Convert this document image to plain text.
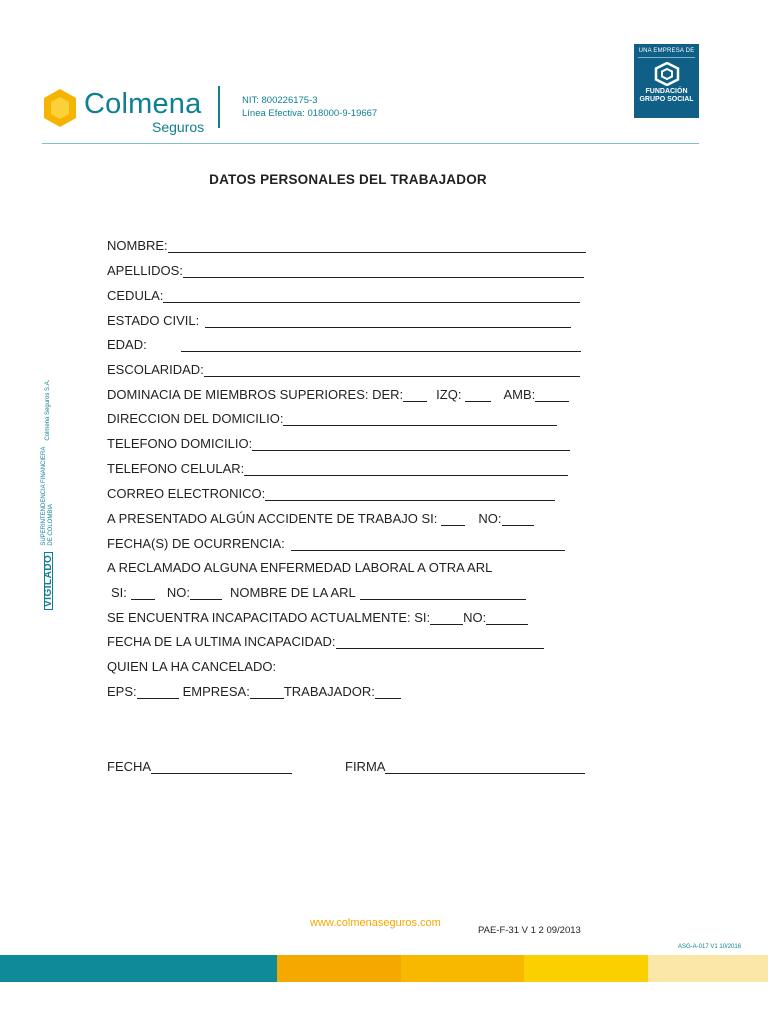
Colmena
Seguros
NIT: 800226175-3
Línea Efectiva: 018000-9-19667
UNA EMPRESA DE
FUNDACIÓN
GRUPO SOCIAL
VIGILADO
SUPERINTENDENCIA FINANCIERA
DE COLOMBIA
Colmena Seguros S.A.
DATOS PERSONALES DEL TRABAJADOR
NOMBRE:
APELLIDOS:
CEDULA:
ESTADO CIVIL:
EDAD:
ESCOLARIDAD:
DOMINACIA DE MIEMBROS SUPERIORES: DER:	IZQ:	AMB:
DIRECCION DEL DOMICILIO:
TELEFONO DOMICILIO:
TELEFONO CELULAR:
CORREO ELECTRONICO:
A PRESENTADO ALGÚN ACCIDENTE DE TRABAJO SI:	NO:
FECHA(S) DE OCURRENCIA:
A RECLAMADO ALGUNA ENFERMEDAD LABORAL A OTRA ARL
SI:	NO:	NOMBRE DE LA ARL
SE ENCUENTRA INCAPACITADO ACTUALMENTE: SI:	NO:
FECHA DE LA ULTIMA INCAPACIDAD:
QUIEN LA HA CANCELADO:
EPS:	EMPRESA:	TRABAJADOR:
FECHA	FIRMA
www.colmenaseguros.com
PAE-F-31 V 1 2 09/2013
ASG-A-017 V1 10/2016
